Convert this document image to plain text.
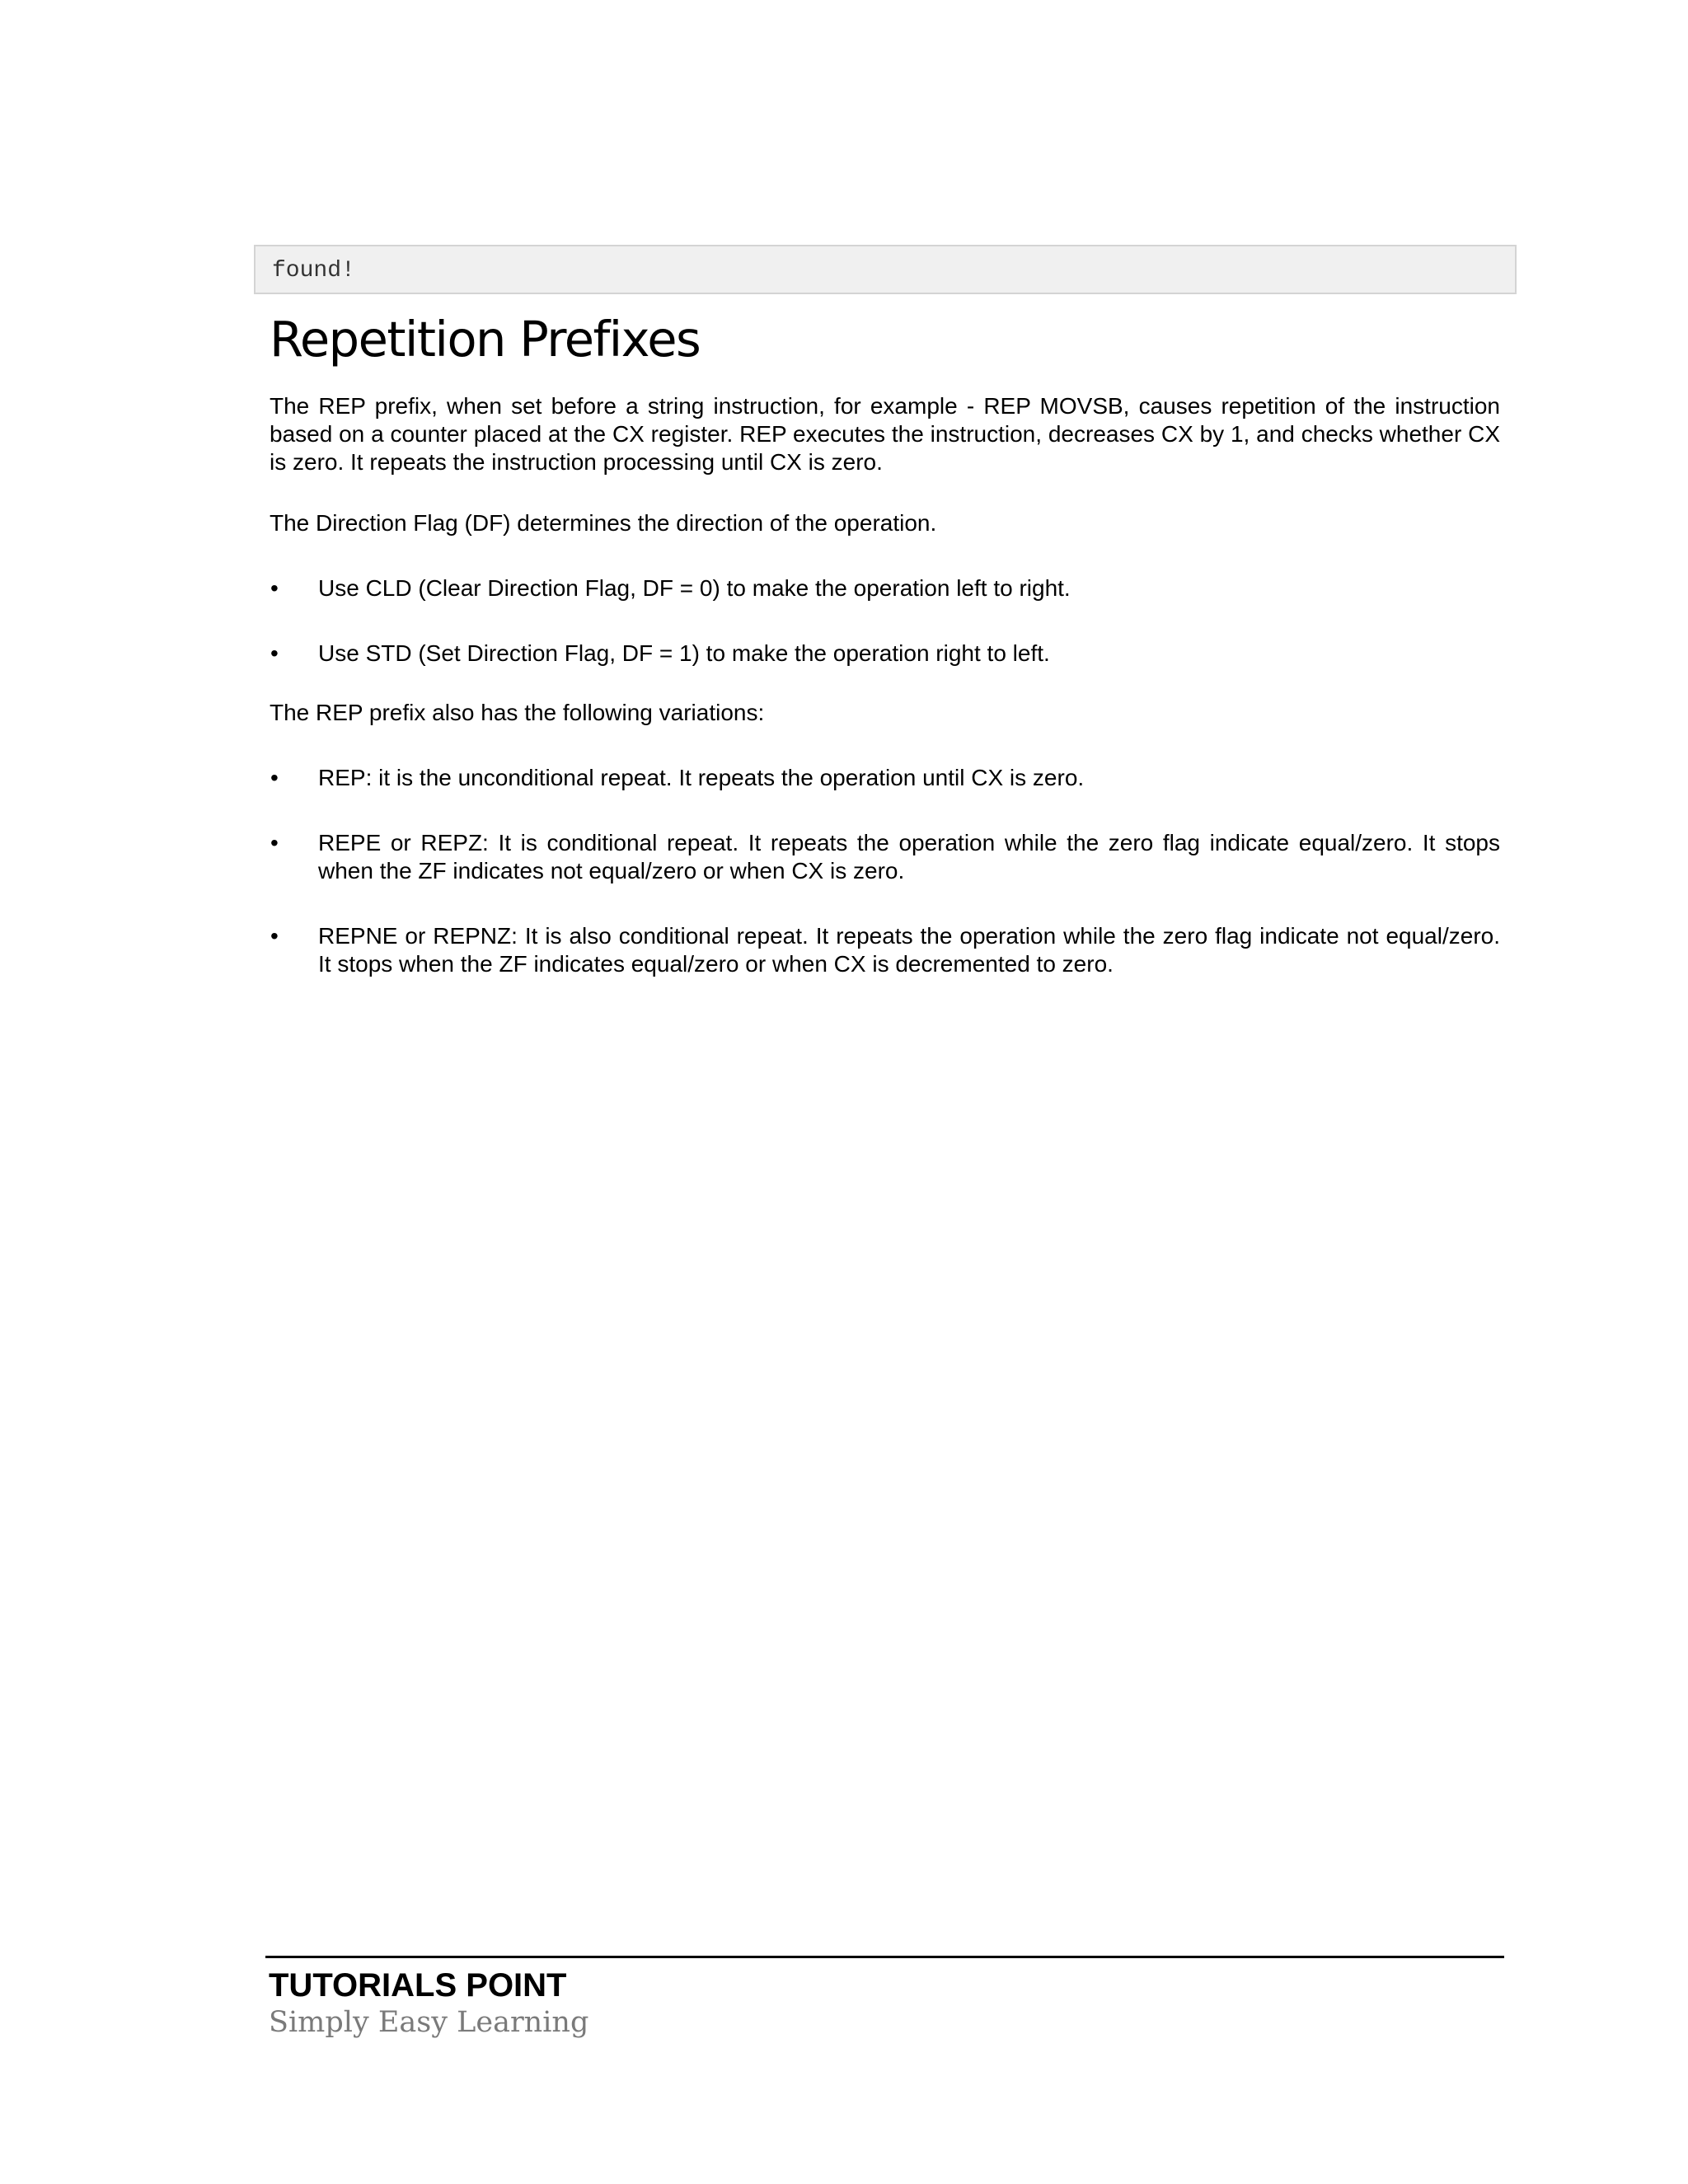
found!
Repetition Prefixes

The REP prefix, when set before a string instruction, for example - REP MOVSB, causes repetition of the instruction based on a counter placed at the CX register. REP executes the instruction, decreases CX by 1, and checks whether CX is zero. It repeats the instruction processing until CX is zero.

The Direction Flag (DF) determines the direction of the operation.

• Use CLD (Clear Direction Flag, DF = 0) to make the operation left to right.
• Use STD (Set Direction Flag, DF = 1) to make the operation right to left.

The REP prefix also has the following variations:

• REP: it is the unconditional repeat. It repeats the operation until CX is zero.
• REPE or REPZ: It is conditional repeat. It repeats the operation while the zero flag indicate equal/zero. It stops when the ZF indicates not equal/zero or when CX is zero.
• REPNE or REPNZ: It is also conditional repeat. It repeats the operation while the zero flag indicate not equal/zero. It stops when the ZF indicates equal/zero or when CX is decremented to zero.
TUTORIALS POINT
Simply Easy Learning
